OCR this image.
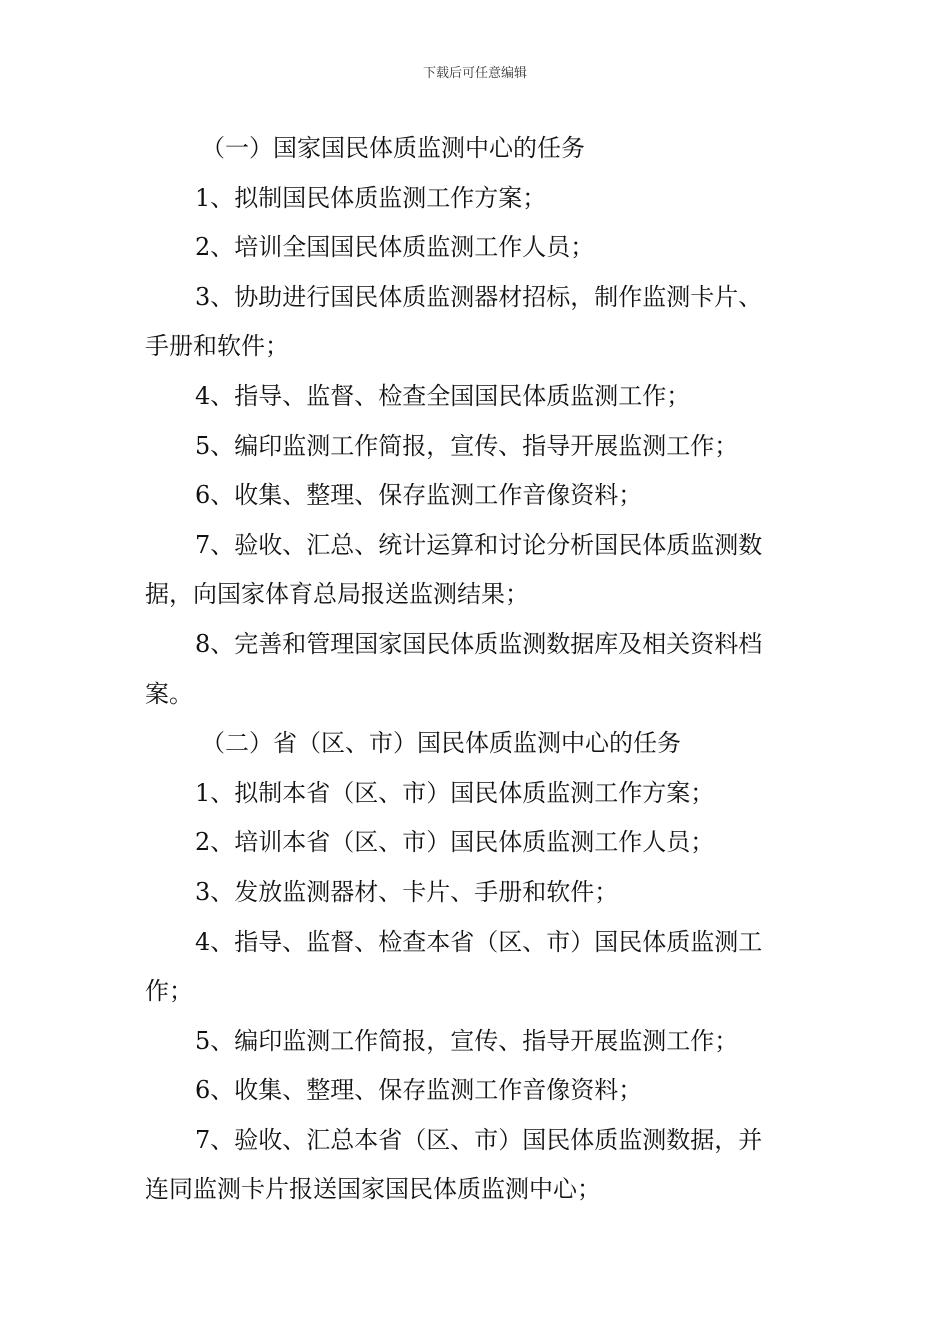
下载后可任意编辑
（一）国家国民体质监测中心的任务
1、拟制国民体质监测工作方案；
2、培训全国国民体质监测工作人员；
3、协助进行国民体质监测器材招标，制作监测卡片、
手册和软件；
4、指导、监督、检查全国国民体质监测工作；
5、编印监测工作简报，宣传、指导开展监测工作；
6、收集、整理、保存监测工作音像资料；
7、验收、汇总、统计运算和讨论分析国民体质监测数
据，向国家体育总局报送监测结果；
8、完善和管理国家国民体质监测数据库及相关资料档
案。
（二）省（区、市）国民体质监测中心的任务
1、拟制本省（区、市）国民体质监测工作方案；
2、培训本省（区、市）国民体质监测工作人员；
3、发放监测器材、卡片、手册和软件；
4、指导、监督、检查本省（区、市）国民体质监测工
作；
5、编印监测工作简报，宣传、指导开展监测工作；
6、收集、整理、保存监测工作音像资料；
7、验收、汇总本省（区、市）国民体质监测数据，并
连同监测卡片报送国家国民体质监测中心；
